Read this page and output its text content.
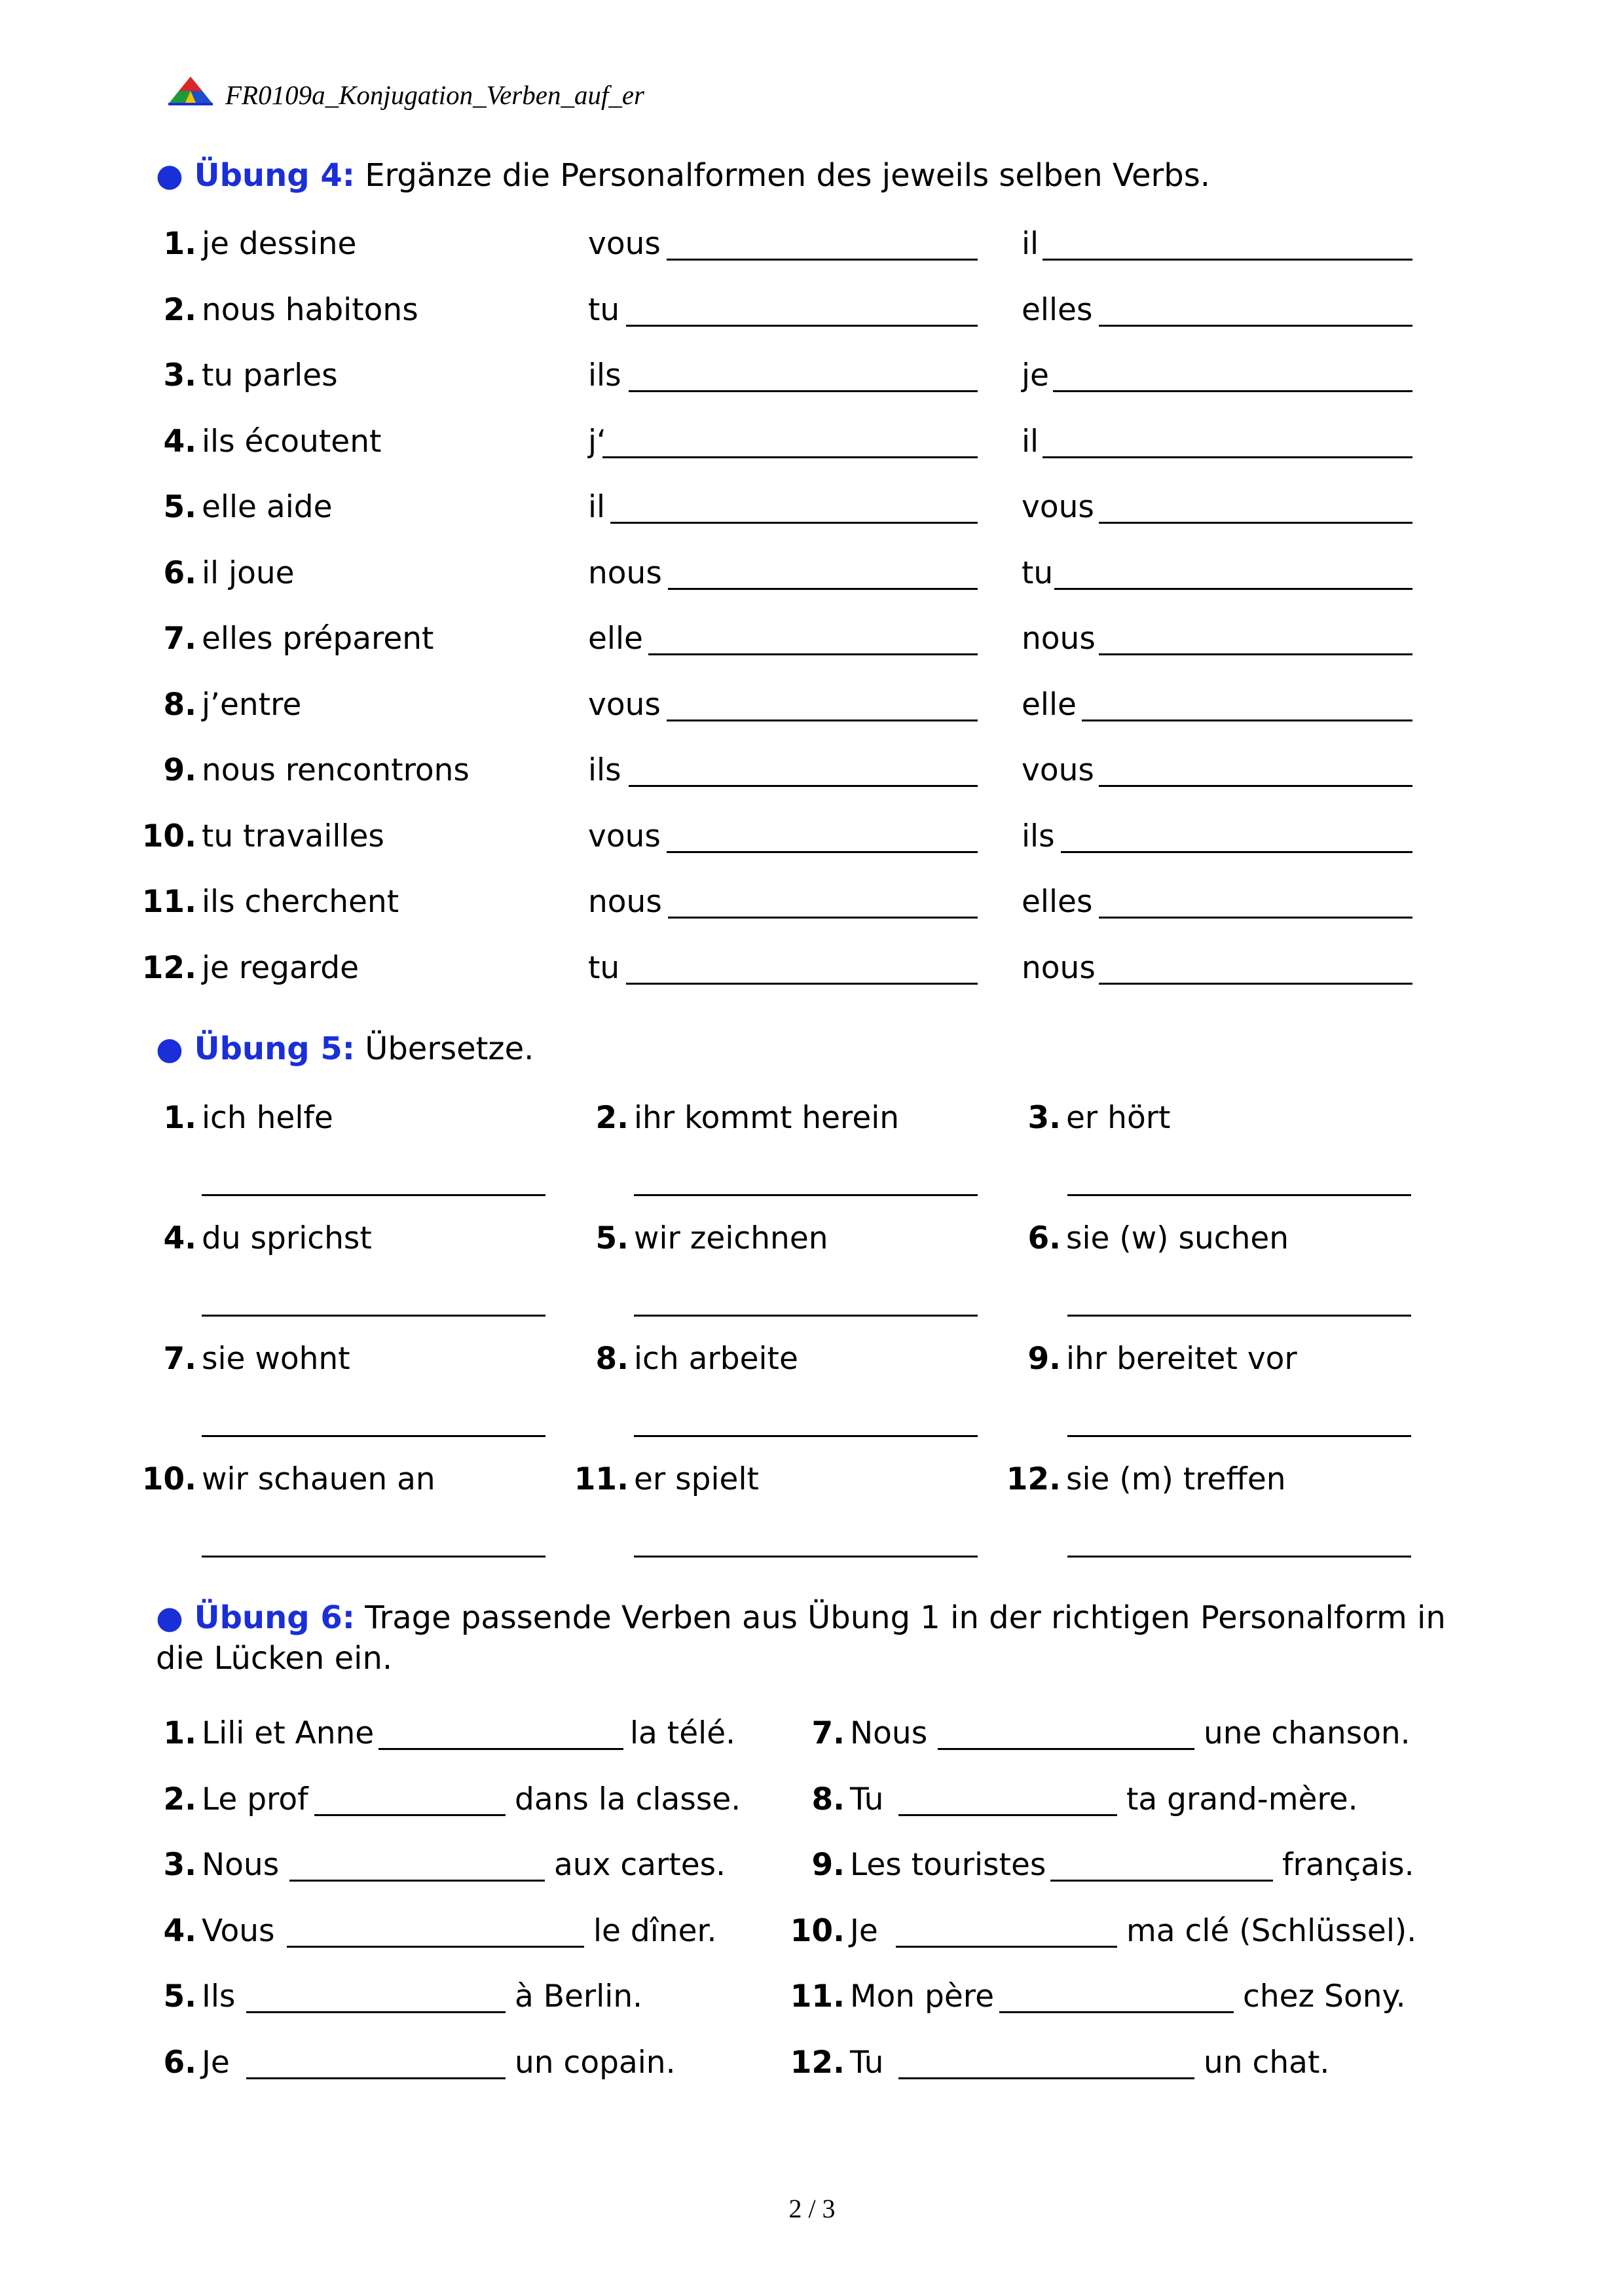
FR0109a_Konjugation_Verben_auf_er
● Übung 4: Ergänze die Personalformen des jeweils selben Verbs.
1. je dessine	vous	il
2. nous habitons	tu	elles
3. tu parles	ils	je
4. ils écoutent	j‘	il
5. elle aide	il	vous
6. il joue	nous	tu
7. elles préparent	elle	nous
8. j’entre	vous	elle
9. nous rencontrons	ils	vous
10. tu travailles	vous	ils
11. ils cherchent	nous	elles
12. je regarde	tu	nous
● Übung 5: Übersetze.
1. ich helfe	2. ihr kommt herein	3. er hört
4. du sprichst	5. wir zeichnen	6. sie (w) suchen
7. sie wohnt	8. ich arbeite	9. ihr bereitet vor
10. wir schauen an	11. er spielt	12. sie (m) treffen
● Übung 6: Trage passende Verben aus Übung 1 in der richtigen Personalform in die Lücken ein.
1. Lili et Anne	la télé.
2. Le prof	dans la classe.
3. Nous	aux cartes.
4. Vous	le dîner.
5. Ils	à Berlin.
6. Je	un copain.
7. Nous	une chanson.
8. Tu	ta grand-mère.
9. Les touristes	français.
10. Je	ma clé (Schlüssel).
11. Mon père	chez Sony.
12. Tu	un chat.
2 / 3
